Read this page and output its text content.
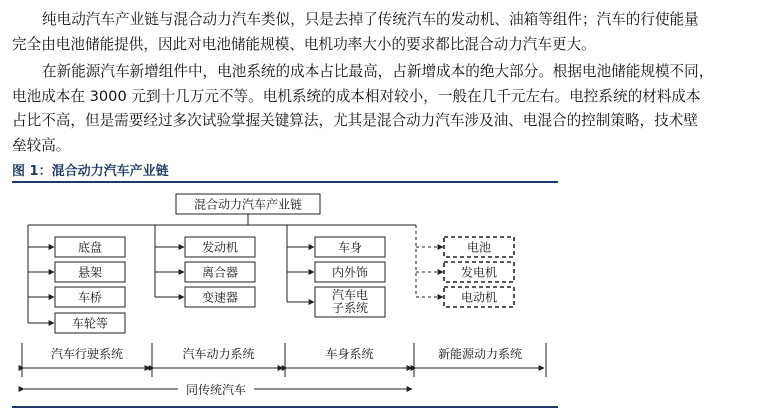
纯电动汽车产业链与混合动力汽车类似，只是去掉了传统汽车的发动机、油箱等组件；汽车的行使能量
完全由电池储能提供，因此对电池储能规模、电机功率大小的要求都比混合动力汽车更大。

在新能源汽车新增组件中，电池系统的成本占比最高，占新增成本的绝大部分。根据电池储能规模不同，
电池成本在 3000 元到十几万元不等。电机系统的成本相对较小，一般在几千元左右。电控系统的材料成本
占比不高，但是需要经过多次试验掌握关键算法，尤其是混合动力汽车涉及油、电混合的控制策略，技术壁
垒较高。

图 1：混合动力汽车产业链
混合动力汽车产业链
底盘
悬架
车桥
车轮等
发动机
离合器
变速器
车身
内外饰
汽车电
子系统
电池
发电机
电动机
汽车行驶系统	汽车动力系统	车身系统	新能源动力系统
同传统汽车
